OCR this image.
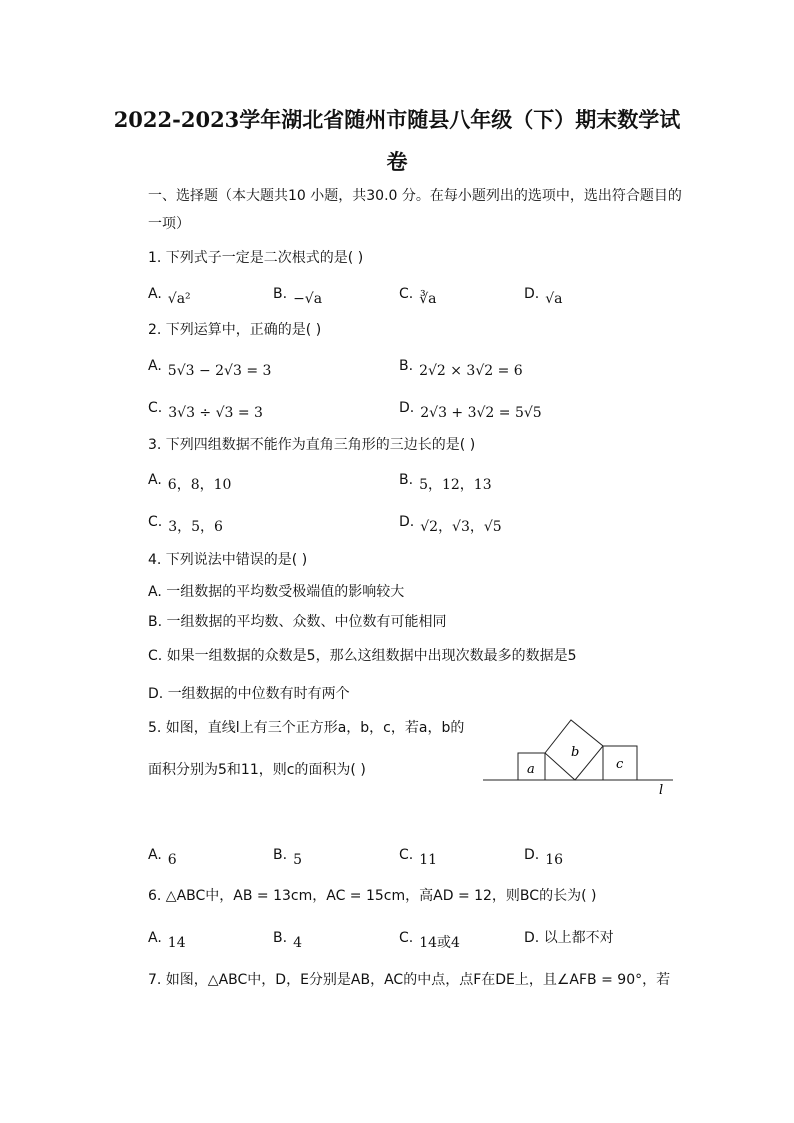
2022-2023学年湖北省随州市随县八年级（下）期末数学试
卷
一、选择题（本大题共10 小题，共30.0 分。在每小题列出的选项中，选出符合题目的
一项）
1. 下列式子一定是二次根式的是( )
A. √a²	B. −√a	C. ∛a	D. √a
2. 下列运算中，正确的是( )
A. 5√3 − 2√3 = 3	B. 2√2 × 3√2 = 6
C. 3√3 ÷ √3 = 3	D. 2√3 + 3√2 = 5√5
3. 下列四组数据不能作为直角三角形的三边长的是( )
A. 6，8，10	B. 5，12，13
C. 3，5，6	D. √2，√3，√5
4. 下列说法中错误的是( )
A. 一组数据的平均数受极端值的影响较大
B. 一组数据的平均数、众数、中位数有可能相同
C. 如果一组数据的众数是5，那么这组数据中出现次数最多的数据是5
D. 一组数据的中位数有时有两个
5. 如图，直线l上有三个正方形a，b，c，若a，b的
面积分别为5和11，则c的面积为( )	a
b
c
l
A. 6	B. 5	C. 11	D. 16
6. △ABC中，AB = 13cm，AC = 15cm，高AD = 12，则BC的长为( )
A. 14	B. 4	C. 14或4	D. 以上都不对
7. 如图，△ABC中，D，E分别是AB，AC的中点，点F在DE上，且∠AFB = 90°，若
